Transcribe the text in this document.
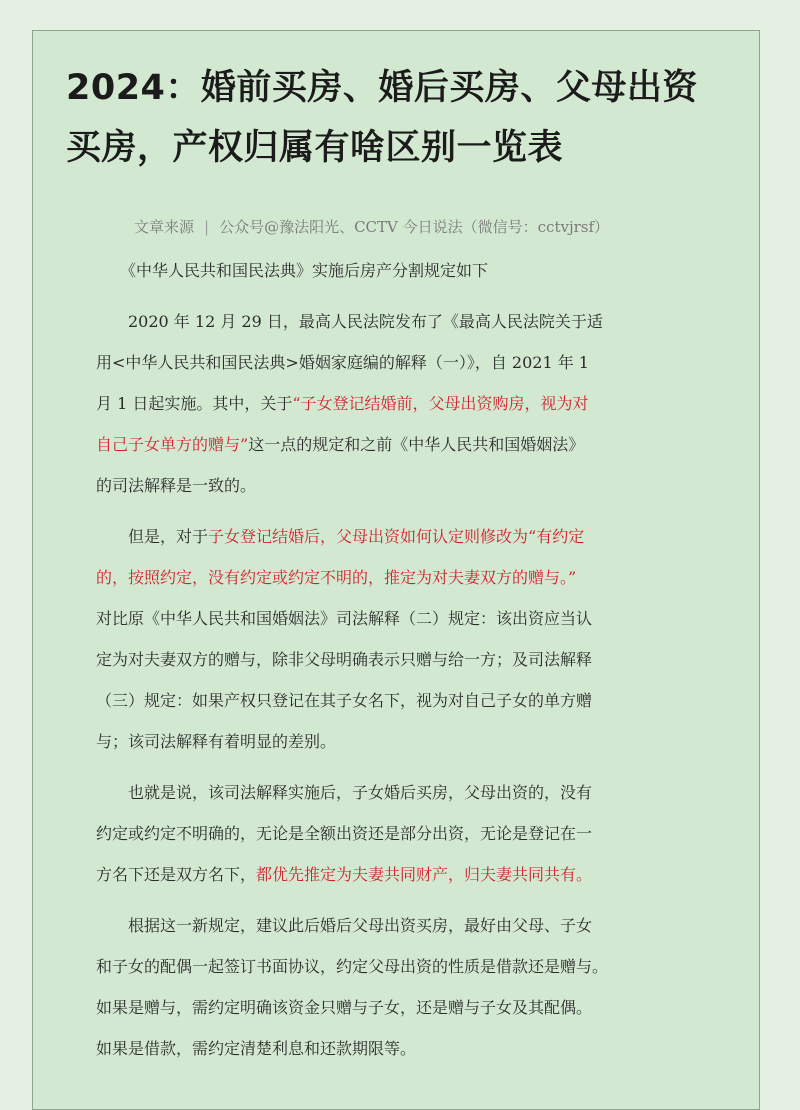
2024：婚前买房、婚后买房、父母出资
买房，产权归属有啥区别一览表
文章来源 | 公众号@豫法阳光、CCTV 今日说法（微信号：cctvjrsf）
　　《中华人民共和国民法典》实施后房产分割规定如下
　　2020 年 12 月 29 日，最高人民法院发布了《最高人民法院关于适
用<中华人民共和国民法典>婚姻家庭编的解释（一）》，自 2021 年 1
月 1 日起实施。其中，关于“子女登记结婚前，父母出资购房，视为对
自己子女单方的赠与”这一点的规定和之前《中华人民共和国婚姻法》
的司法解释是一致的。
　　但是，对于子女登记结婚后，父母出资如何认定则修改为“有约定
的，按照约定，没有约定或约定不明的，推定为对夫妻双方的赠与。”
对比原《中华人民共和国婚姻法》司法解释（二）规定：该出资应当认
定为对夫妻双方的赠与，除非父母明确表示只赠与给一方；及司法解释
（三）规定：如果产权只登记在其子女名下，视为对自己子女的单方赠
与；该司法解释有着明显的差别。
　　也就是说，该司法解释实施后，子女婚后买房，父母出资的，没有
约定或约定不明确的，无论是全额出资还是部分出资，无论是登记在一
方名下还是双方名下，都优先推定为夫妻共同财产，归夫妻共同共有。
　　根据这一新规定，建议此后婚后父母出资买房，最好由父母、子女
和子女的配偶一起签订书面协议，约定父母出资的性质是借款还是赠与。
如果是赠与，需约定明确该资金只赠与子女，还是赠与子女及其配偶。
如果是借款，需约定清楚利息和还款期限等。
